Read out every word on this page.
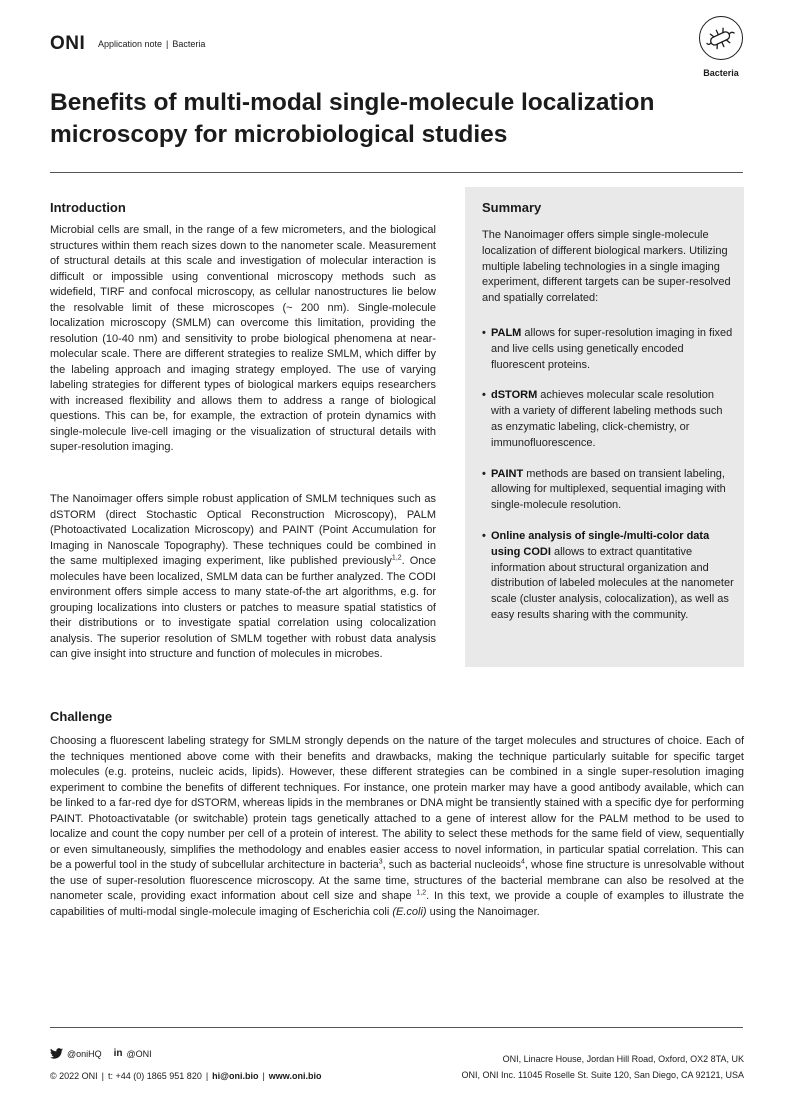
ONI Application note | Bacteria
Bacteria
Benefits of multi-modal single-molecule localization microscopy for microbiological studies
Introduction

Microbial cells are small, in the range of a few micrometers, and the biological structures within them reach sizes down to the nanometer scale. Measurement of structural details at this scale and investigation of molecular interaction is difficult or impossible using conventional microscopy methods such as widefield, TIRF and confocal microscopy, as cellular nanostructures lie below the resolvable limit of these microscopes (~ 200 nm). Single-molecule localization microscopy (SMLM) can overcome this limitation, providing the resolution (10-40 nm) and sensitivity to probe biological phenomena at near-molecular scale. There are different strategies to realize SMLM, which differ by the labeling approach and imaging strategy employed. The use of varying labeling strategies for different types of biological markers equips researchers with increased flexibility and allows them to address a range of biological questions. This can be, for example, the extraction of protein dynamics with single-molecule live-cell imaging or the visualization of structural details with super-resolution imaging.

The Nanoimager offers simple robust application of SMLM techniques such as dSTORM (direct Stochastic Optical Reconstruction Microscopy), PALM (Photoactivated Localization Microscopy) and PAINT (Point Accumulation for Imaging in Nanoscale Topography). These techniques could be combined in the same multiplexed imaging experiment, like published previously$^{1,2}$. Once molecules have been localized, SMLM data can be further analyzed. The CODI environment offers simple access to many state-of-the art algorithms, e.g. for grouping localizations into clusters or patches to measure spatial statistics of their distributions or to investigate spatial correlation using colocalization analysis. The superior resolution of SMLM together with robust data analysis can give insight into structure and function of molecules in microbes.

Summary

The Nanoimager offers simple single-molecule localization of different biological markers. Utilizing multiple labeling technologies in a single imaging experiment, different targets can be super-resolved and spatially correlated:

• PALM allows for super-resolution imaging in fixed and live cells using genetically encoded fluorescent proteins.
• dSTORM achieves molecular scale resolution with a variety of different labeling methods such as enzymatic labeling, click-chemistry, or immunofluorescence.
• PAINT methods are based on transient labeling, allowing for multiplexed, sequential imaging with single-molecule resolution.
• Online analysis of single-/multi-color data using CODI allows to extract quantitative information about structural organization and distribution of labeled molecules at the nanometer scale (cluster analysis, colocalization), as well as easy results sharing with the community.
Challenge

Choosing a fluorescent labeling strategy for SMLM strongly depends on the nature of the target molecules and structures of choice. Each of the techniques mentioned above come with their benefits and drawbacks, making the technique particularly suitable for specific target molecules (e.g. proteins, nucleic acids, lipids). However, these different strategies can be combined in a single super-resolution imaging experiment to combine the benefits of different techniques. For instance, one protein marker may have a good antibody available, which can be linked to a far-red dye for dSTORM, whereas lipids in the membranes or DNA might be transiently stained with a specific dye for performing PAINT. Photoactivatable (or switchable) protein tags genetically attached to a gene of interest allow for the PALM method to be used to localize and count the copy number per cell of a protein of interest. The ability to select these methods for the same field of view, sequentially or even simultaneously, simplifies the methodology and enables easier access to novel information, in particular spatial correlation. This can be a powerful tool in the study of subcellular architecture in bacteria$^3$, such as bacterial nucleoids$^4$, whose fine structure is unresolvable without the use of super-resolution fluorescence microscopy. At the same time, structures of the bacterial membrane can also be resolved at the nanometer scale, providing exact information about cell size and shape $^{1,2}$. In this text, we provide a couple of examples to illustrate the capabilities of multi-modal single-molecule imaging of Escherichia coli (E.coli) using the Nanoimager.

@oniHQ in @ONI
© 2022 ONI | t: +44 (0) 1865 951 820 | hi@oni.bio | www.oni.bio
ONI, Linacre House, Jordan Hill Road, Oxford, OX2 8TA, UK
ONI, ONI Inc. 11045 Roselle St. Suite 120, San Diego, CA 92121, USA
